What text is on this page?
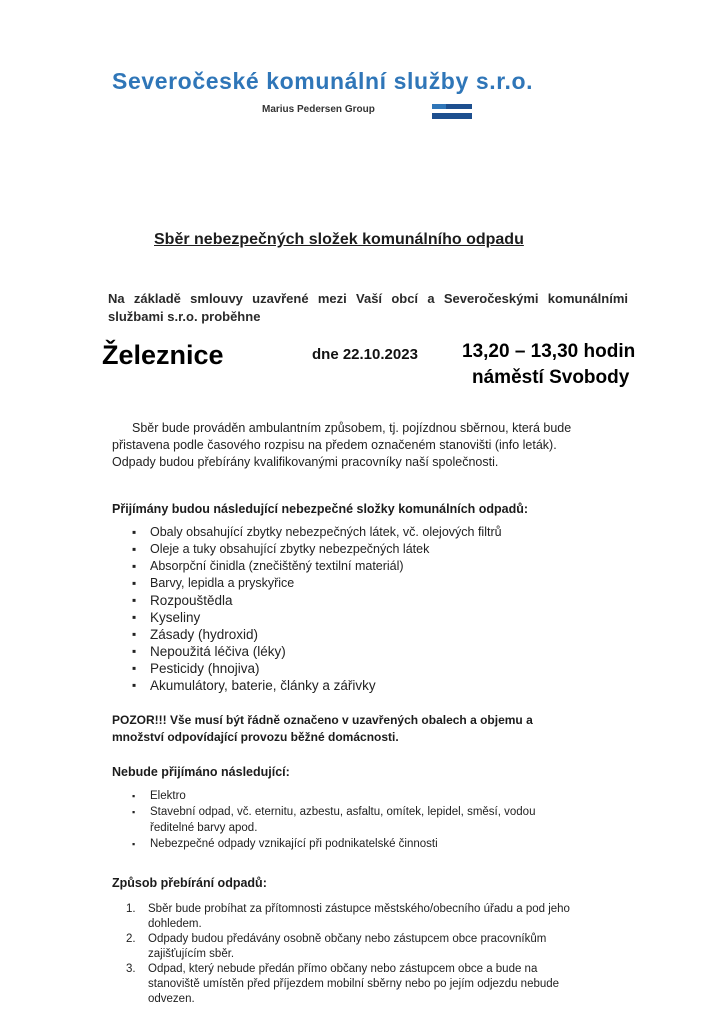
Severočeské komunální služby s.r.o.
Marius Pedersen Group
Sběr nebezpečných složek komunálního odpadu
Na základě smlouvy uzavřené mezi Vaší obcí a Severočeskými komunálními službami s.r.o. proběhne
Železnice	dne 22.10.2023 13,20 – 13,30 hodin
náměstí Svobody
Sběr bude prováděn ambulantním způsobem, tj. pojízdnou sběrnou, která bude
přistavena podle časového rozpisu na předem označeném stanovišti (info leták).
Odpady budou přebírány kvalifikovanými pracovníky naší společnosti.
Přijímány budou následující nebezpečné složky komunálních odpadů:
▪ Obaly obsahující zbytky nebezpečných látek, vč. olejových filtrů
▪ Oleje a tuky obsahující zbytky nebezpečných látek
▪ Absorpční činidla (znečištěný textilní materiál)
▪ Barvy, lepidla a pryskyřice
▪ Rozpouštědla
▪ Kyseliny
▪ Zásady (hydroxid)
▪ Nepoužitá léčiva (léky)
▪ Pesticidy (hnojiva)
▪ Akumulátory, baterie, články a zářivky
POZOR!!! Vše musí být řádně označeno v uzavřených obalech a objemu a množství odpovídající provozu běžné domácnosti.
Nebude přijímáno následující:
▪ Elektro
▪ Stavební odpad, vč. eternitu, azbestu, asfaltu, omítek, lepidel, směsí, vodou ředitelné barvy apod.
▪ Nebezpečné odpady vznikající při podnikatelské činnosti
Způsob přebírání odpadů:
1. Sběr bude probíhat za přítomnosti zástupce městského/obecního úřadu a pod jeho dohledem.
2. Odpady budou předávány osobně občany nebo zástupcem obce pracovníkům zajišťujícím sběr.
3. Odpad, který nebude předán přímo občany nebo zástupcem obce a bude na stanoviště umístěn před příjezdem mobilní sběrny nebo po jejím odjezdu nebude odvezen.
